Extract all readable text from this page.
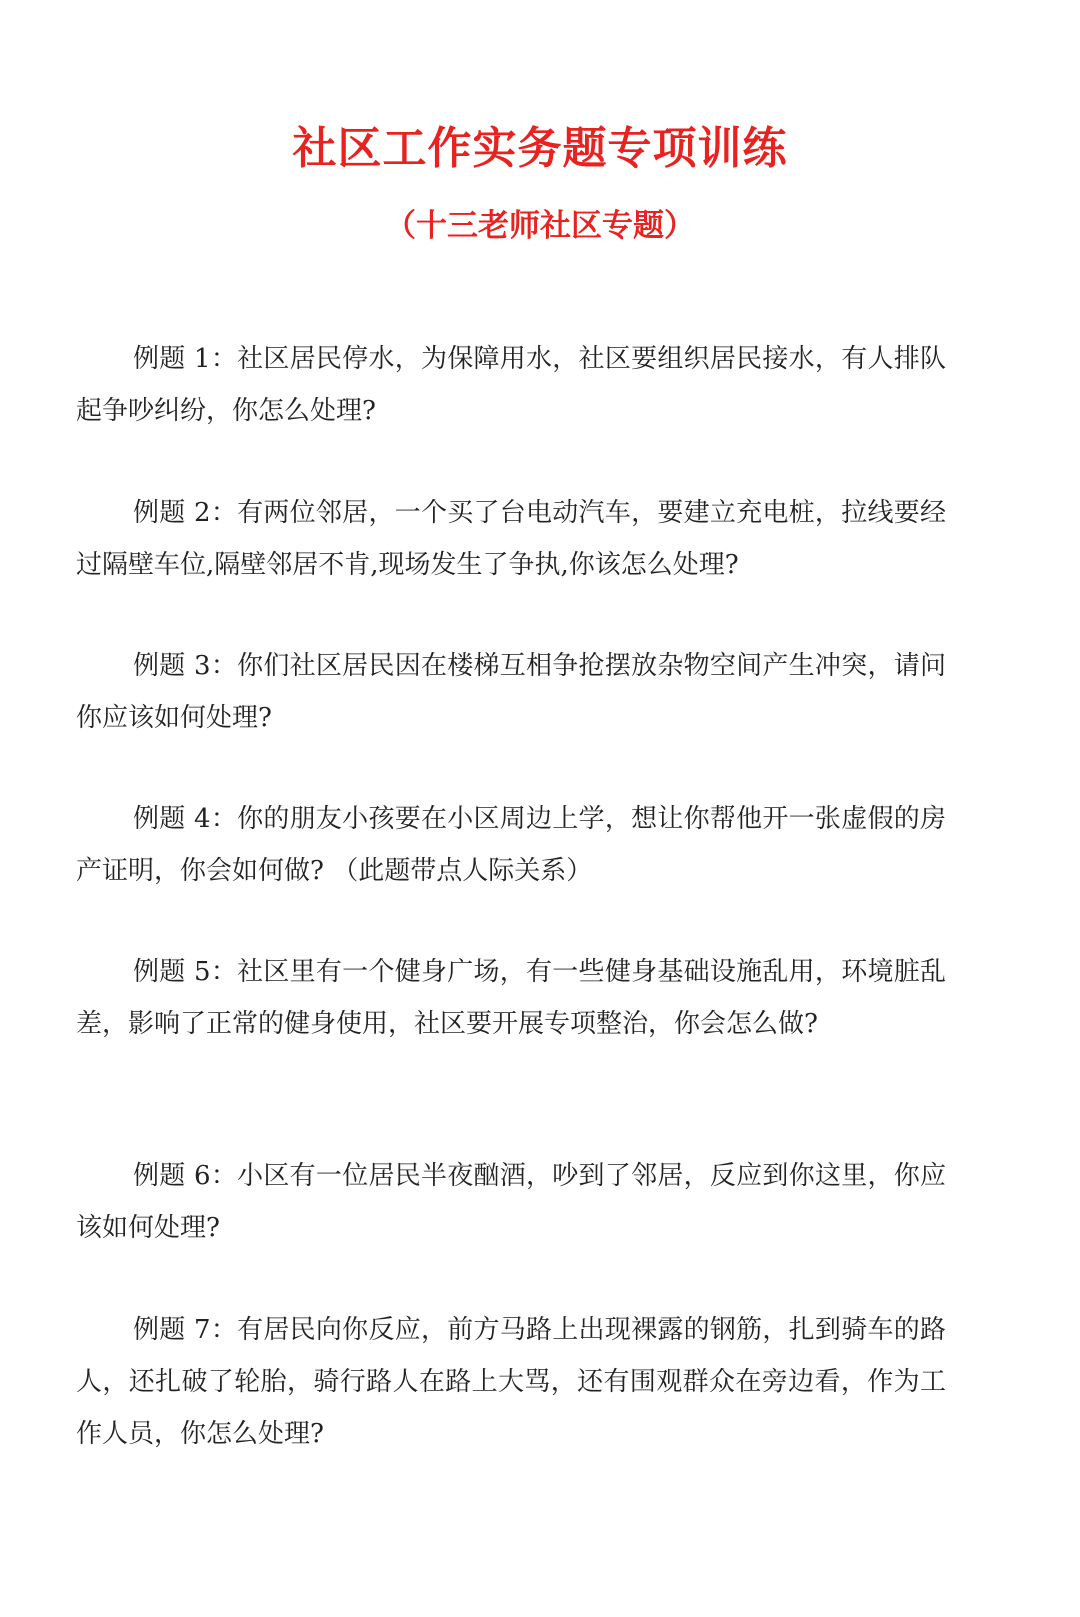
社区工作实务题专项训练
（十三老师社区专题）

例题 1：社区居民停水，为保障用水，社区要组织居民接水，有人排队起争吵纠纷，你怎么处理?

例题 2：有两位邻居，一个买了台电动汽车，要建立充电桩，拉线要经过隔壁车位,隔壁邻居不肯,现场发生了争执,你该怎么处理?

例题 3：你们社区居民因在楼梯互相争抢摆放杂物空间产生冲突，请问你应该如何处理?

例题 4：你的朋友小孩要在小区周边上学，想让你帮他开一张虚假的房产证明，你会如何做? （此题带点人际关系）

例题 5：社区里有一个健身广场，有一些健身基础设施乱用，环境脏乱差，影响了正常的健身使用，社区要开展专项整治，你会怎么做?

例题 6：小区有一位居民半夜酗酒，吵到了邻居，反应到你这里，你应该如何处理?

例题 7：有居民向你反应，前方马路上出现裸露的钢筋，扎到骑车的路人，还扎破了轮胎，骑行路人在路上大骂，还有围观群众在旁边看，作为工作人员，你怎么处理?
